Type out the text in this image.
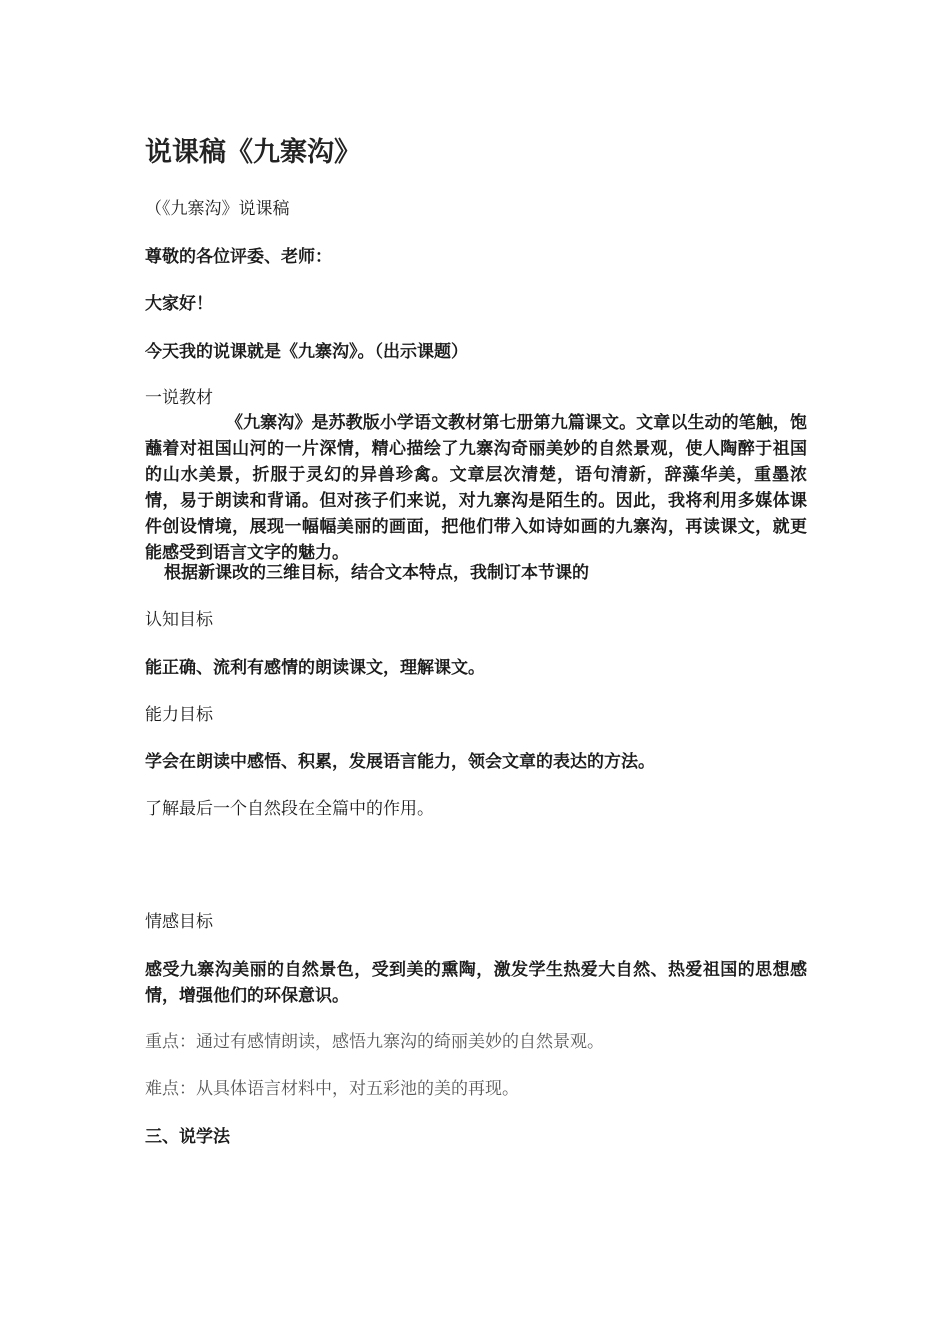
说课稿《九寨沟》

（《九寨沟》说课稿

尊敬的各位评委、老师：

大家好！

今天我的说课就是《九寨沟》。（出示课题）

一说教材

《九寨沟》是苏教版小学语文教材第七册第九篇课文。文章以生动的笔触，饱蘸着对祖国山河的一片深情，精心描绘了九寨沟奇丽美妙的自然景观，使人陶醉于祖国的山水美景，折服于灵幻的异兽珍禽。文章层次清楚，语句清新，辞藻华美，重墨浓情，易于朗读和背诵。但对孩子们来说，对九寨沟是陌生的。因此，我将利用多媒体课件创设情境，展现一幅幅美丽的画面，把他们带入如诗如画的九寨沟，再读课文，就更能感受到语言文字的魅力。

根据新课改的三维目标，结合文本特点，我制订本节课的

认知目标

能正确、流利有感情的朗读课文，理解课文。

能力目标

学会在朗读中感悟、积累，发展语言能力，领会文章的表达的方法。

了解最后一个自然段在全篇中的作用。

情感目标

感受九寨沟美丽的自然景色，受到美的熏陶，激发学生热爱大自然、热爱祖国的思想感情，增强他们的环保意识。

重点：通过有感情朗读，感悟九寨沟的绮丽美妙的自然景观。

难点：从具体语言材料中，对五彩池的美的再现。

三、说学法
